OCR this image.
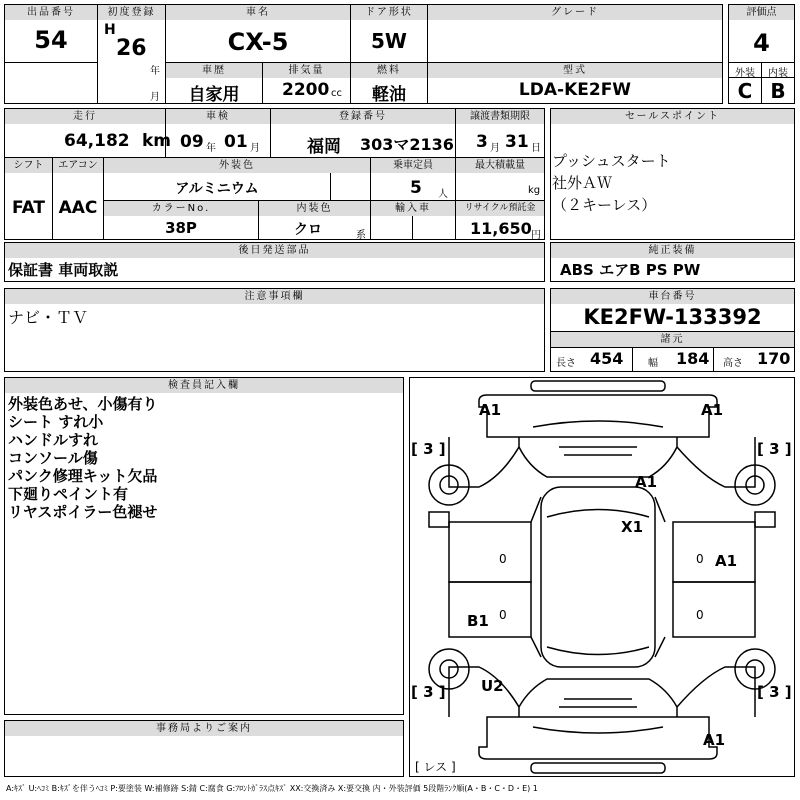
出品番号
54
初度登録
H
26
年
月
車名
CX-5
ドア形状
5W
グレード
車歴
自家用
排気量
2200 cc
燃料
軽油
型式
LDA-KE2FW
評価点
4
外装	内装
C B
走行
64,182 km
車検
09 年 01 月
登録番号
福岡 303マ2136
譲渡書類期限
3 月 31 日
シフト
FAT
エアコン
AAC
外装色
アルミニウム
乗車定員
5 人
最大積載量
kg
カラーNo.
38P
内装色
クロ	系
輸入車	リサイクル預託金
11,650 円
セールスポイント
プッシュスタート
社外ＡＷ
（２キーレス）
後日発送部品
保証書 車両取説
純正装備
ABS エアB PS PW
注意事項欄
ナビ・ＴＶ
車台番号
KE2FW-133392
諸元
長さ 454 幅 184 高さ 170
検査員記入欄
外装色あせ、小傷有り
シート すれ小
ハンドルすれ
コンソール傷
パンク修理キット欠品
下廻りペイント有
リヤスポイラー色褪せ
事務局よりご案内
A1	A1
A1
X1
A1
B1
U2
A1
[ 3 ]	[ 3 ]
[ 3 ]	[ 3 ]
0	0
0	0
[ レス ]
A:ｷｽﾞ U:ﾍｺﾐ B:ｷｽﾞを伴うﾍｺﾐ P:要塗装 W:補修跡 S:錆 C:腐食 G:ﾌﾛﾝﾄｶﾞﾗｽ点ｷｽﾞ XX:交換済み X:要交換 内・外装評価 5段階ﾗﾝｸ順(A・B・C・D・E) 1
